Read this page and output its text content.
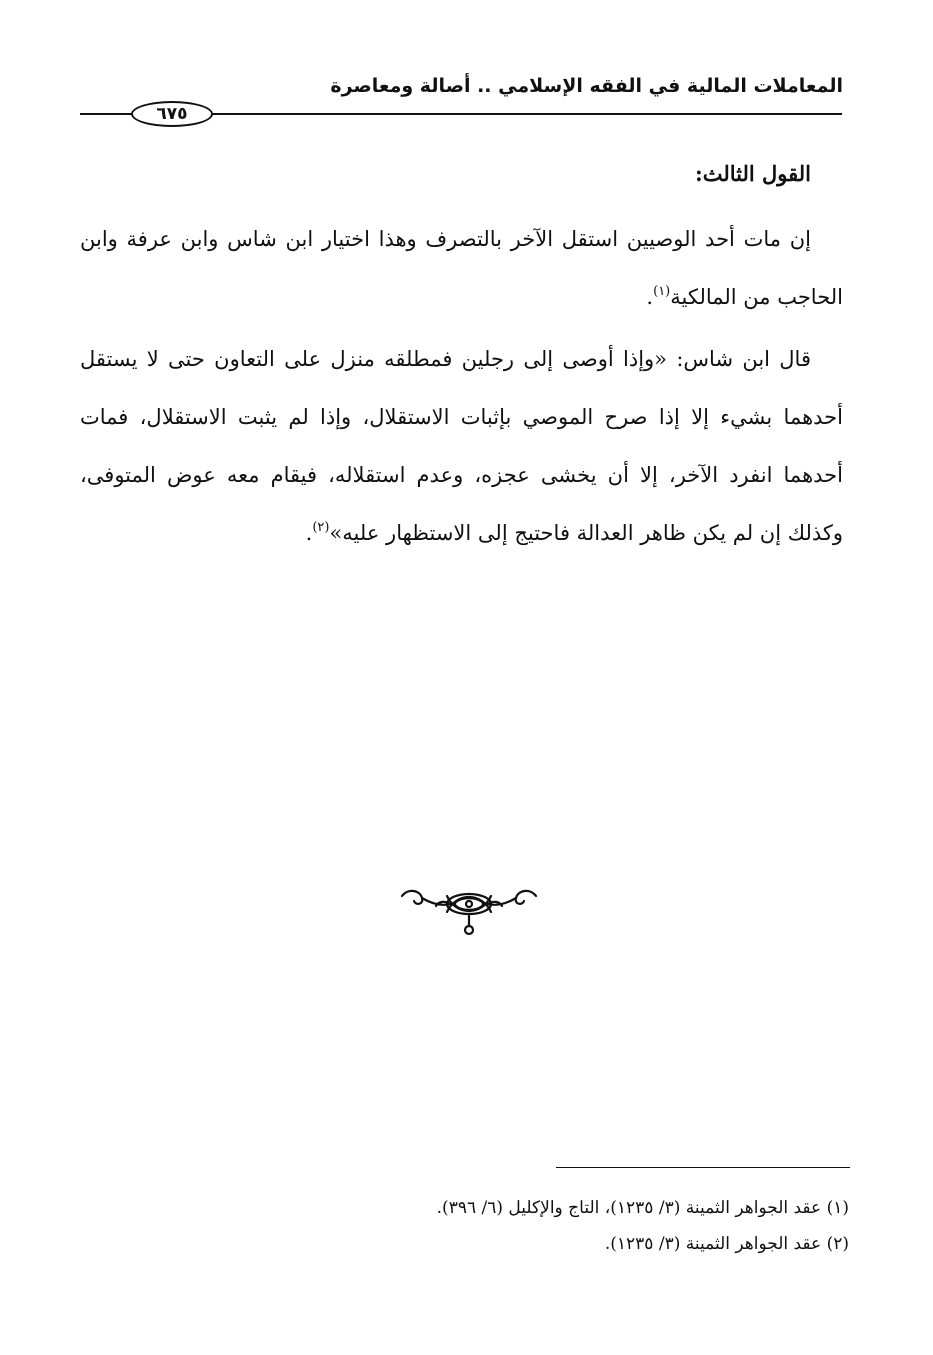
المعاملات المالية في الفقه الإسلامي .. أصالة ومعاصرة
٦٧٥
القول الثالث:
إن مات أحد الوصيين استقل الآخر بالتصرف وهذا اختيار ابن شاس وابن عرفة وابن الحاجب من المالكية$^{(١)}$.
قال ابن شاس: «وإذا أوصى إلى رجلين فمطلقه منزل على التعاون حتى لا يستقل أحدهما بشيء إلا إذا صرح الموصي بإثبات الاستقلال، وإذا لم يثبت الاستقلال، فمات أحدهما انفرد الآخر، إلا أن يخشى عجزه، وعدم استقلاله، فيقام معه عوض المتوفى، وكذلك إن لم يكن ظاهر العدالة فاحتيج إلى الاستظهار عليه»$^{(٢)}$.
(١) عقد الجواهر الثمينة (٣/ ١٢٣٥)، التاج والإكليل (٦/ ٣٩٦).
(٢) عقد الجواهر الثمينة (٣/ ١٢٣٥).
